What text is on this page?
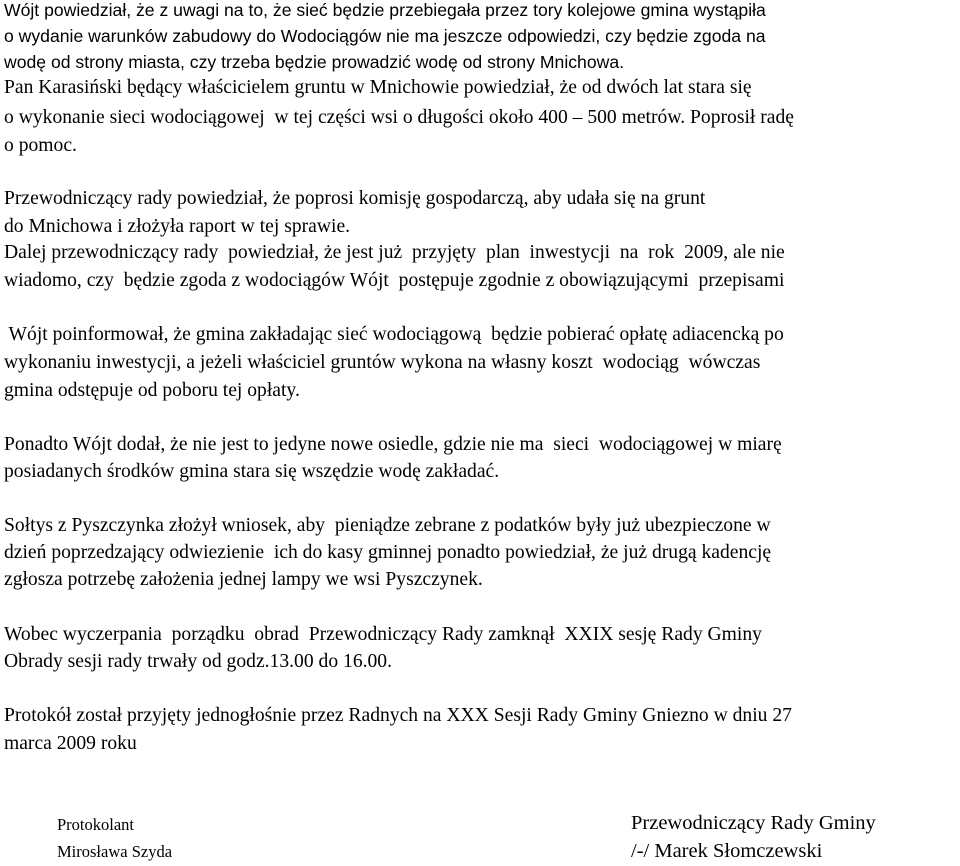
Wójt powiedział, że z uwagi na to, że sieć będzie przebiegała przez tory kolejowe gmina wystąpiła
o wydanie warunków zabudowy do Wodociągów nie ma jeszcze odpowiedzi, czy będzie zgoda na
wodę od strony miasta, czy trzeba będzie prowadzić wodę od strony Mnichowa.
Pan Karasiński będący właścicielem gruntu w Mnichowie powiedział, że od dwóch lat stara się
o wykonanie sieci wodociągowej  w tej części wsi o długości około 400 – 500 metrów. Poprosił radę
o pomoc.
Przewodniczący rady powiedział, że poprosi komisję gospodarczą, aby udała się na grunt
do Mnichowa i złożyła raport w tej sprawie.
Dalej przewodniczący rady  powiedział, że jest już  przyjęty  plan  inwestycji  na  rok  2009, ale nie
wiadomo, czy  będzie zgoda z wodociągów Wójt  postępuje zgodnie z obowiązującymi  przepisami
Wójt poinformował, że gmina zakładając sieć wodociągową  będzie pobierać opłatę adiacencką po
wykonaniu inwestycji, a jeżeli właściciel gruntów wykona na własny koszt  wodociąg  wówczas
gmina odstępuje od poboru tej opłaty.
Ponadto Wójt dodał, że nie jest to jedyne nowe osiedle, gdzie nie ma  sieci  wodociągowej w miarę
posiadanych środków gmina stara się wszędzie wodę zakładać.
Sołtys z Pyszczynka złożył wniosek, aby  pieniądze zebrane z podatków były już ubezpieczone w
dzień poprzedzający odwiezienie  ich do kasy gminnej ponadto powiedział, że już drugą kadencję
zgłosza potrzebę założenia jednej lampy we wsi Pyszczynek.
Wobec wyczerpania  porządku  obrad  Przewodniczący Rady zamknął  XXIX sesję Rady Gminy
Obrady sesji rady trwały od godz.13.00 do 16.00.
Protokół został przyjęty jednogłośnie przez Radnych na XXX Sesji Rady Gminy Gniezno w dniu 27
marca 2009 roku
Protokolant
Mirosława Szyda
Przewodniczący Rady Gminy
/-/ Marek Słomczewski
